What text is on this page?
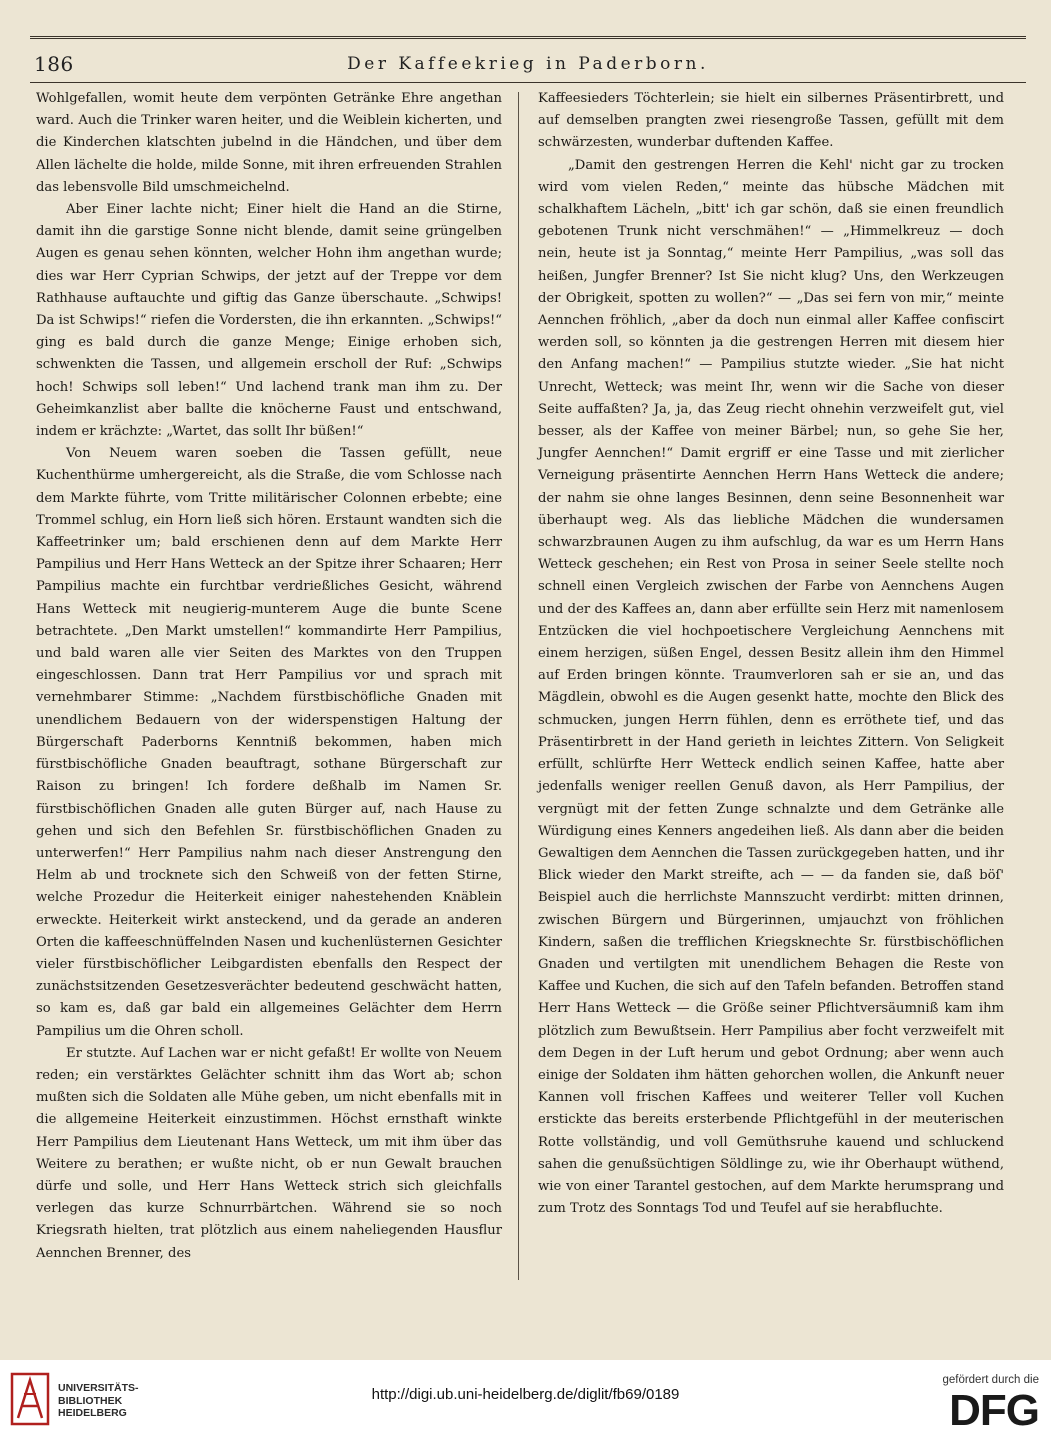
186	Der Kaffeekrieg in Paderborn.

Wohlgefallen, womit heute dem verpönten Getränke Ehre angethan ward. Auch die Trinker waren heiter, und die Weiblein kicherten, und die Kinderchen klatschten jubelnd in die Händchen, und über dem Allen lächelte die holde, milde Sonne, mit ihren erfreuenden Strahlen das lebensvolle Bild umschmeichelnd.

Aber Einer lachte nicht; Einer hielt die Hand an die Stirne, damit ihn die garstige Sonne nicht blende, damit seine grüngelben Augen es genau sehen könnten, welcher Hohn ihm angethan wurde; dies war Herr Cyprian Schwips, der jetzt auf der Treppe vor dem Rathhause auftauchte und giftig das Ganze überschaute. „Schwips! Da ist Schwips!“ riefen die Vordersten, die ihn erkannten. „Schwips!“ ging es bald durch die ganze Menge; Einige erhoben sich, schwenkten die Tassen, und allgemein erscholl der Ruf: „Schwips hoch! Schwips soll leben!“ Und lachend trank man ihm zu. Der Geheimkanzlist aber ballte die knöcherne Faust und entschwand, indem er krächzte: „Wartet, das sollt Ihr büßen!“

Von Neuem waren soeben die Tassen gefüllt, neue Kuchenthürme umhergereicht, als die Straße, die vom Schlosse nach dem Markte führte, vom Tritte militärischer Colonnen erbebte; eine Trommel schlug, ein Horn ließ sich hören. Erstaunt wandten sich die Kaffeetrinker um; bald erschienen denn auf dem Markte Herr Pampilius und Herr Hans Wetteck an der Spitze ihrer Schaaren; Herr Pampilius machte ein furchtbar verdrießliches Gesicht, während Hans Wetteck mit neugierig-munterem Auge die bunte Scene betrachtete. „Den Markt umstellen!“ kommandirte Herr Pampilius, und bald waren alle vier Seiten des Marktes von den Truppen eingeschlossen. Dann trat Herr Pampilius vor und sprach mit vernehmbarer Stimme: „Nachdem fürstbischöfliche Gnaden mit unendlichem Bedauern von der widerspenstigen Haltung der Bürgerschaft Paderborns Kenntniß bekommen, haben mich fürstbischöfliche Gnaden beauftragt, sothane Bürgerschaft zur Raison zu bringen! Ich fordere deßhalb im Namen Sr. fürstbischöflichen Gnaden alle guten Bürger auf, nach Hause zu gehen und sich den Befehlen Sr. fürstbischöflichen Gnaden zu unterwerfen!“ Herr Pampilius nahm nach dieser Anstrengung den Helm ab und trocknete sich den Schweiß von der fetten Stirne, welche Prozedur die Heiterkeit einiger nahestehenden Knäblein erweckte. Heiterkeit wirkt ansteckend, und da gerade an anderen Orten die kaffeeschnüffelnden Nasen und kuchenlüsternen Gesichter vieler fürstbischöflicher Leibgardisten ebenfalls den Respect der zunächstsitzenden Gesetzesverächter bedeutend geschwächt hatten, so kam es, daß gar bald ein allgemeines Gelächter dem Herrn Pampilius um die Ohren scholl.

Er stutzte. Auf Lachen war er nicht gefaßt! Er wollte von Neuem reden; ein verstärktes Gelächter schnitt ihm das Wort ab; schon mußten sich die Soldaten alle Mühe geben, um nicht ebenfalls mit in die allgemeine Heiterkeit einzustimmen. Höchst ernsthaft winkte Herr Pampilius dem Lieutenant Hans Wetteck, um mit ihm über das Weitere zu berathen; er wußte nicht, ob er nun Gewalt brauchen dürfe und solle, und Herr Hans Wetteck strich sich gleichfalls verlegen das kurze Schnurrbärtchen. Während sie so noch Kriegsrath hielten, trat plötzlich aus einem naheliegenden Hausflur Aennchen Brenner, des

Kaffeesieders Töchterlein; sie hielt ein silbernes Präsentirbrett, und auf demselben prangten zwei riesengroße Tassen, gefüllt mit dem schwärzesten, wunderbar duftenden Kaffee.

„Damit den gestrengen Herren die Kehl' nicht gar zu trocken wird vom vielen Reden,“ meinte das hübsche Mädchen mit schalkhaftem Lächeln, „bitt' ich gar schön, daß sie einen freundlich gebotenen Trunk nicht verschmähen!“ — „Himmelkreuz — doch nein, heute ist ja Sonntag,“ meinte Herr Pampilius, „was soll das heißen, Jungfer Brenner? Ist Sie nicht klug? Uns, den Werkzeugen der Obrigkeit, spotten zu wollen?“ — „Das sei fern von mir,“ meinte Aennchen fröhlich, „aber da doch nun einmal aller Kaffee confiscirt werden soll, so könnten ja die gestrengen Herren mit diesem hier den Anfang machen!“ — Pampilius stutzte wieder. „Sie hat nicht Unrecht, Wetteck; was meint Ihr, wenn wir die Sache von dieser Seite auffaßten? Ja, ja, das Zeug riecht ohnehin verzweifelt gut, viel besser, als der Kaffee von meiner Bärbel; nun, so gehe Sie her, Jungfer Aennchen!“ Damit ergriff er eine Tasse und mit zierlicher Verneigung präsentirte Aennchen Herrn Hans Wetteck die andere; der nahm sie ohne langes Besinnen, denn seine Besonnenheit war überhaupt weg. Als das liebliche Mädchen die wundersamen schwarzbraunen Augen zu ihm aufschlug, da war es um Herrn Hans Wetteck geschehen; ein Rest von Prosa in seiner Seele stellte noch schnell einen Vergleich zwischen der Farbe von Aennchens Augen und der des Kaffees an, dann aber erfüllte sein Herz mit namenlosem Entzücken die viel hochpoetischere Vergleichung Aennchens mit einem herzigen, süßen Engel, dessen Besitz allein ihm den Himmel auf Erden bringen könnte. Traumverloren sah er sie an, und das Mägdlein, obwohl es die Augen gesenkt hatte, mochte den Blick des schmucken, jungen Herrn fühlen, denn es erröthete tief, und das Präsentirbrett in der Hand gerieth in leichtes Zittern. Von Seligkeit erfüllt, schlürfte Herr Wetteck endlich seinen Kaffee, hatte aber jedenfalls weniger reellen Genuß davon, als Herr Pampilius, der vergnügt mit der fetten Zunge schnalzte und dem Getränke alle Würdigung eines Kenners angedeihen ließ. Als dann aber die beiden Gewaltigen dem Aennchen die Tassen zurückgegeben hatten, und ihr Blick wieder den Markt streifte, ach — — da fanden sie, daß böſ' Beispiel auch die herrlichste Mannszucht verdirbt: mitten drinnen, zwischen Bürgern und Bürgerinnen, umjauchzt von fröhlichen Kindern, saßen die trefflichen Kriegsknechte Sr. fürstbischöflichen Gnaden und vertilgten mit unendlichem Behagen die Reste von Kaffee und Kuchen, die sich auf den Tafeln befanden. Betroffen stand Herr Hans Wetteck — die Größe seiner Pflichtversäumniß kam ihm plötzlich zum Bewußtsein. Herr Pampilius aber focht verzweifelt mit dem Degen in der Luft herum und gebot Ordnung; aber wenn auch einige der Soldaten ihm hätten gehorchen wollen, die Ankunft neuer Kannen voll frischen Kaffees und weiterer Teller voll Kuchen erstickte das bereits ersterbende Pflichtgefühl in der meuterischen Rotte vollständig, und voll Gemüthsruhe kauend und schluckend sahen die genußsüchtigen Söldlinge zu, wie ihr Oberhaupt wüthend, wie von einer Tarantel gestochen, auf dem Markte herumsprang und zum Trotz des Sonntags Tod und Teufel auf sie herabfluchte.

UNIVERSITÄTS-
BIBLIOTHEK
HEIDELBERG
http://digi.ub.uni-heidelberg.de/diglit/fb69/0189
gefördert durch die
DFG
